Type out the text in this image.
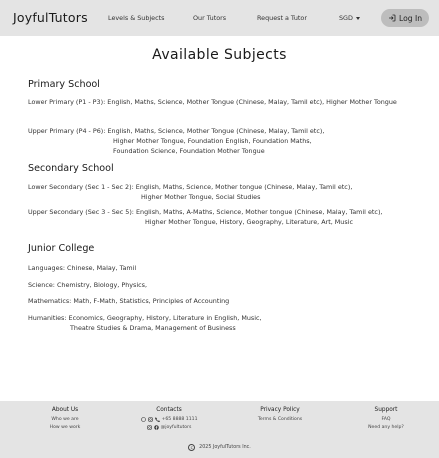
JoyfulTutors	Levels & Subjects	Our Tutors	Request a Tutor	SGD	Log In
Available Subjects
Primary School
Lower Primary (P1 - P3): English, Maths, Science, Mother Tongue (Chinese, Malay, Tamil etc), Higher Mother Tongue
Upper Primary (P4 - P6): English, Maths, Science, Mother Tongue (Chinese, Malay, Tamil etc),
Higher Mother Tongue, Foundation English, Foundation Maths,
Foundation Science, Foundation Mother Tongue
Secondary School
Lower Secondary (Sec 1 - Sec 2): English, Maths, Science, Mother tongue (Chinese, Malay, Tamil etc),
Higher Mother Tongue, Social Studies
Upper Secondary (Sec 3 - Sec 5): English, Maths, A-Maths, Science, Mother tongue (Chinese, Malay, Tamil etc),
Higher Mother Tongue, History, Geography, Literature, Art, Music
Junior College
Languages: Chinese, Malay, Tamil
Science: Chemistry, Biology, Physics,
Mathematics: Math, F-Math, Statistics, Principles of Accounting
Humanities: Economics, Geography, History, Literature in English, Music,
Theatre Studies & Drama, Management of Business
About Us
Who we are
How we work
Contacts
+65 8888 1111
@joyfultutors
Privacy Policy
Terms & Conditions
Support
FAQ
Need any help?
c	2025 JoyfulTutors Inc.
